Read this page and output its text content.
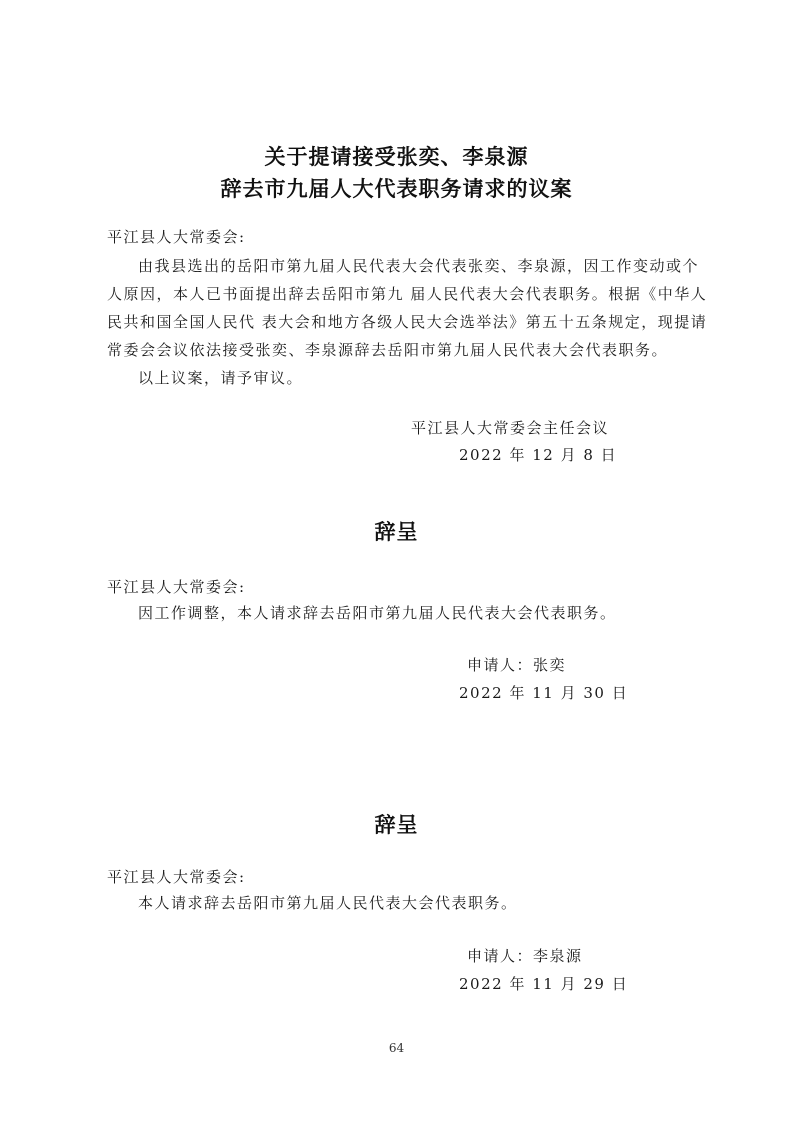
关于提请接受张奕、李泉源
辞去市九届人大代表职务请求的议案
平江县人大常委会:
由我县选出的岳阳市第九届人民代表大会代表张奕、李泉源，因工作变动或个
人原因，本人已书面提出辞去岳阳市第九 届人民代表大会代表职务。根据《中华人
民共和国全国人民代 表大会和地方各级人民大会选举法》第五十五条规定，现提请
常委会会议依法接受张奕、李泉源辞去岳阳市第九届人民代表大会代表职务。
以上议案，请予审议。
平江县人大常委会主任会议
2022 年 12 月 8 日
辞呈
平江县人大常委会:
因工作调整，本人请求辞去岳阳市第九届人民代表大会代表职务。
申请人：张奕
2022 年 11 月 30 日
辞呈
平江县人大常委会:
本人请求辞去岳阳市第九届人民代表大会代表职务。
申请人：李泉源
2022 年 11 月 29 日
64
